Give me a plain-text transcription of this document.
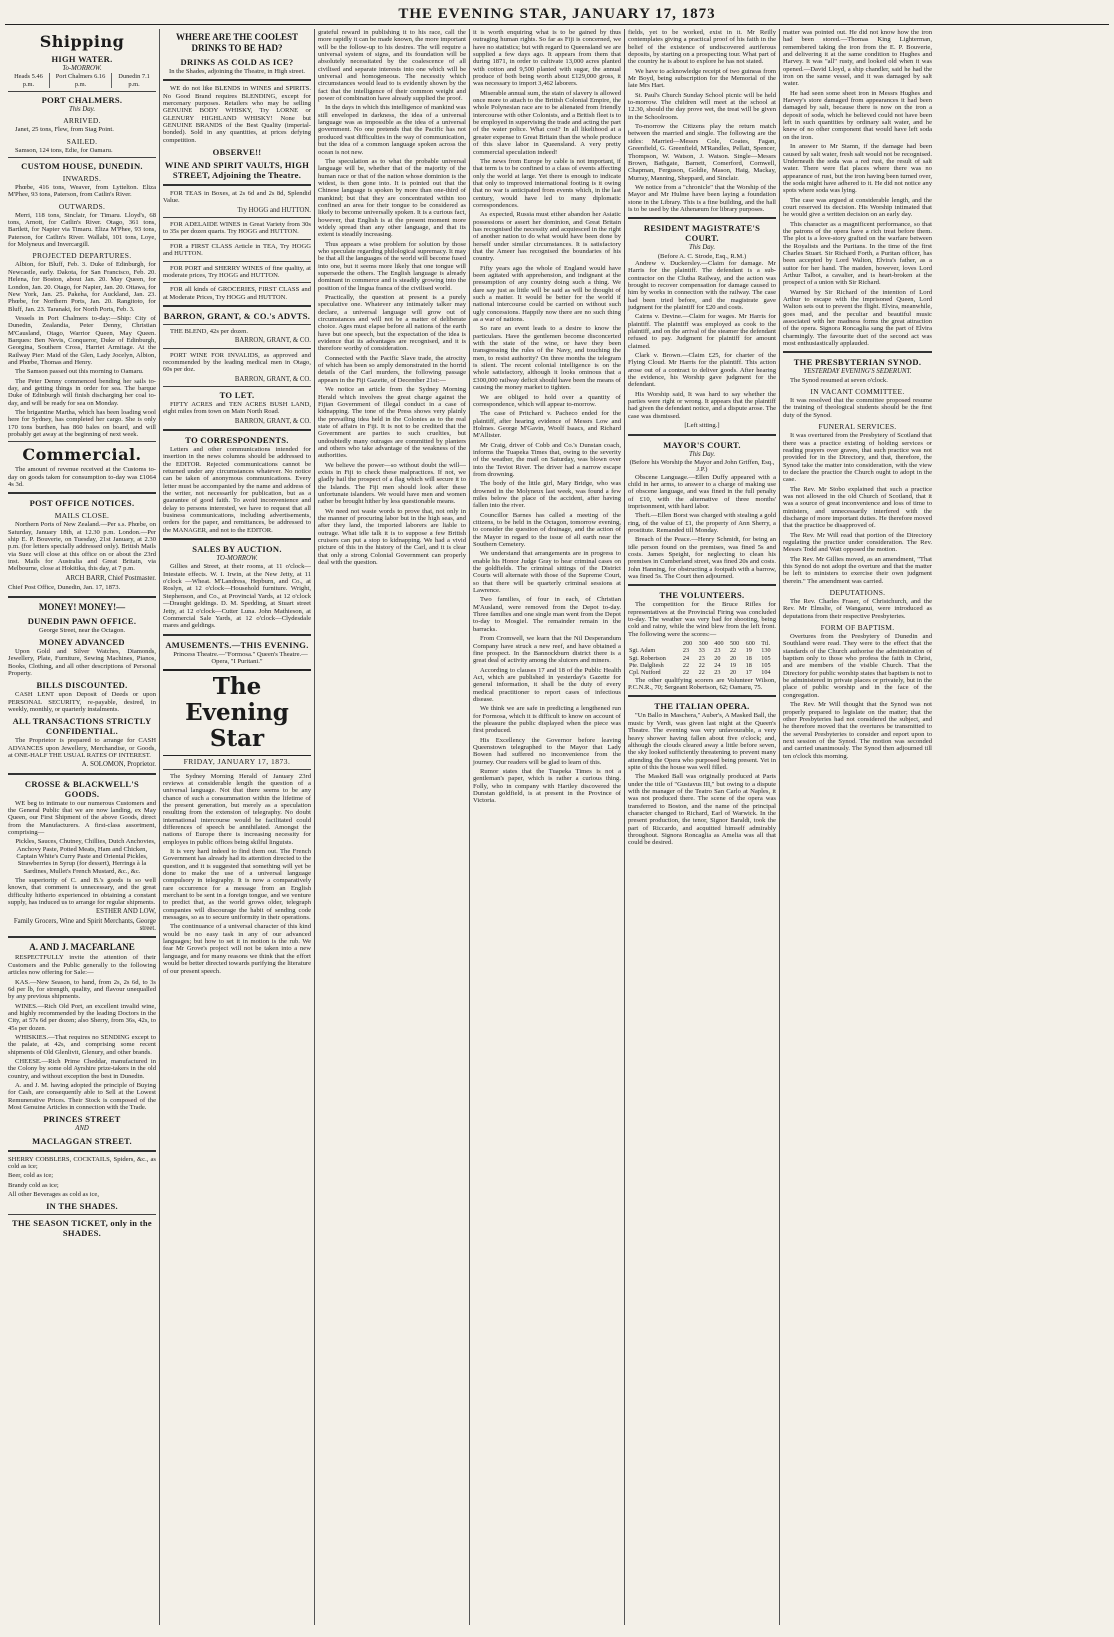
THE EVENING STAR, JANUARY 17, 1873
Shipping
HIGH WATER.
To-MORROW.
Heads 5.46 p.m.	Port Chalmers 6.16 p.m.	Dunedin 7.1 p.m.
PORT CHALMERS.
This Day.
ARRIVED.

Janet, 25 tons, Flew, from Stag Point.

SAILED.

Samson, 124 tons, Edie, for Oamaru.

CUSTOM HOUSE, DUNEDIN.
INWARDS.

Phœbe, 416 tons, Weaver, from Lyttelton. Eliza M'Phee, 93 tons, Paterson, from Catlin's River.

OUTWARDS.

Merri, 118 tons, Sinclair, for Timaru. Lloyd's, 68 tons, Arnott, for Catlin's River. Otago, 361 tons, Bartlett, for Napier via Timaru. Eliza M'Phee, 93 tons, Paterson, for Catlin's River. Wallabi, 101 tons, Loye, for Molyneux and Invercargill.

PROJECTED DEPARTURES.

Albion, for Bluff, Feb. 3. Duke of Edinburgh, for Newcastle, early. Dakota, for San Francisco, Feb. 20. Helena, for Boston, about Jan. 20. May Queen, for London, Jan. 20. Otago, for Napier, Jan. 20. Ottawa, for New York, Jan. 25. Pakeha, for Auckland, Jan. 23. Phœbe, for Northern Ports, Jan. 20. Rangitoto, for Bluff, Jan. 23. Taranaki, for North Ports, Feb. 3.

Vessels in Port Chalmers to-day:—Ship: City of Dunedin, Zealandia, Peter Denny, Christian M'Causland, Otago, Warrior Queen, May Queen. Barques: Ben Nevis, Conqueror, Duke of Edinburgh, Georgina, Southern Cross, Harriet Armitage. At the Railway Pier: Maid of the Glen, Lady Jocelyn, Albion, and Phœbe, Thomas and Henry.

The Samson passed out this morning to Oamaru.

The Peter Denny commenced bending her sails to-day, and getting things in order for sea. The barque Duke of Edinburgh will finish discharging her coal to-day, and will be ready for sea on Monday.

The brigantine Martha, which has been loading wool here for Sydney, has completed her cargo. She is only 170 tons burthen, has 860 bales on board, and will probably get away at the beginning of next week.

Commercial.

The amount of revenue received at the Customs to-day on goods taken for consumption to-day was £1064 4s 3d.

POST OFFICE NOTICES.
MAILS CLOSE.

Northern Ports of New Zealand.—Per s.s. Phœbe, on Saturday, January 18th, at 12.30 p.m. London.—Per ship E. P. Bouverie, on Tuesday, 21st January, at 2.30 p.m. (for letters specially addressed only). British Mails via Suez will close at this office on or about the 23rd inst. Mails for Australia and Great Britain, via Melbourne, close at Hokitika, this day, at 7 p.m.

ARCH BARR, Chief Postmaster.

Chief Post Office, Dunedin, Jan. 17, 1873.

MONEY! MONEY!—
DUNEDIN PAWN OFFICE.
George Street, near the Octagon.
MONEY ADVANCED

Upon Gold and Silver Watches, Diamonds, Jewellery, Plate, Furniture, Sewing Machines, Pianos, Books, Clothing, and all other descriptions of Personal Property.

BILLS DISCOUNTED.

CASH LENT upon Deposit of Deeds or upon PERSONAL SECURITY, re-payable, desired, in weekly, monthly, or quarterly instalments.

ALL TRANSACTIONS STRICTLY CONFIDENTIAL.

The Proprietor is prepared to arrange for CASH ADVANCES upon Jewellery, Merchandise, or Goods, at ONE-HALF THE USUAL RATES OF INTEREST.

A. SOLOMON, Proprietor.
CROSSE & BLACKWELL'S GOODS.

WE beg to intimate to our numerous Customers and the General Public that we are now landing, ex May Queen, our First Shipment of the above Goods, direct from the Manufacturers. A first-class assortment, comprising—

Pickles, Sauces, Chutney, Chillies, Dutch Anchovies, Anchovy Paste, Potted Meats, Ham and Chicken, Captain White's Curry Paste and Oriental Pickles, Strawberries in Syrup (for dessert), Herrings à la Sardines, Mullet's French Mustard, &c., &c.

The superiority of C. and B.'s goods is so well known, that comment is unnecessary, and the great difficulty hitherto experienced in obtaining a constant supply, has induced us to arrange for regular shipments.

ESTHER AND LOW,
Family Grocers, Wine and Spirit Merchants, George street.
A. AND J. MACFARLANE

RESPECTFULLY invite the attention of their Customers and the Public generally to the following articles now offering for Sale:—

KAS.—New Season, to hand, from 2s, 2s 6d, to 3s 6d per lb, for strength, quality, and flavour unequalled by any previous shipments.

WINES.—Rich Old Port, an excellent invalid wine, and highly recommended by the leading Doctors in the City, at 57s 6d per dozen; also Sherry, from 36s, 42s, to 45s per dozen.

WHISKIES.—That requires no SENDING except to the palate, at 42s, and comprising some recent shipments of Old Glenlivit, Glenury, and other brands.

CHEESE.—Rich Prime Cheddar, manufactured in the Colony by some old Ayrshire prize-takers in the old country, and without exception the best in Dunedin.

A. and J. M. having adopted the principle of Buying for Cash, are consequently able to Sell at the Lowest Remunerative Prices. Their Stock is composed of the Most Genuine Articles in connection with the Trade.

PRINCES STREET
AND
MACLAGGAN STREET.

SHERRY COBBLERS, COCKTAILS, Spiders, &c., as cold as ice;

Beer, cold as ice;

Brandy cold as ice;

All other Beverages as cold as ice,

IN THE SHADES.
THE SEASON TICKET, only in the SHADES.
WHERE ARE THE COOLEST DRINKS TO BE HAD?
DRINKS AS COLD AS ICE?

In the Shades, adjoining the Theatre, in High street.

WE do not like BLENDS in WINES and SPIRITS. No Good Brand requires BLENDING, except for mercenary purposes. Retailers who may be selling GENUINE BODY WHISKY, Try LORNE or GLENURY HIGHLAND WHISKY! None but GENUINE BRANDS of the Best Quality (imperial-bonded). Sold in any quantities, at prices defying competition.

OBSERVE!!
WINE AND SPIRIT VAULTS, HIGH STREET, Adjoining the Theatre.

FOR TEAS in Boxes, at 2s 6d and 2s 8d, Splendid Value.

Try HOGG and HUTTON.

FOR ADELAIDE WINES in Great Variety from 30s to 35s per dozen quarts. Try HOGG and HUTTON.

FOR a FIRST CLASS Article in TEA, Try HOGG and HUTTON.

FOR PORT and SHERRY WINES of fine quality, at moderate prices, Try HOGG and HUTTON.

FOR all kinds of GROCERIES, FIRST CLASS and at Moderate Prices, Try HOGG and HUTTON.

BARRON, GRANT, & CO.'s ADVTS.

THE BLEND, 42s per dozen.

BARRON, GRANT, & CO.

PORT WINE FOR INVALIDS, as approved and recommended by the leading medical men in Otago, 60s per doz.

BARRON, GRANT, & CO.
TO LET.

FIFTY ACRES and TEN ACRES BUSH LAND, eight miles from town on Main North Road.

BARRON, GRANT, & CO.
TO CORRESPONDENTS.

Letters and other communications intended for insertion in the news columns should be addressed to the EDITOR. Rejected communications cannot be returned under any circumstances whatever. No notice can be taken of anonymous communications. Every letter must be accompanied by the name and address of the writer, not necessarily for publication, but as a guarantee of good faith. To avoid inconvenience and delay to persons interested, we have to request that all business communications, including advertisements, orders for the paper, and remittances, be addressed to the MANAGER, and not to the EDITOR.

SALES BY AUCTION.
TO-MORROW.

Gillies and Street, at their rooms, at 11 o'clock—Intestate effects. W. I. Irwin, at the New Jetty, at 11 o'clock —Wheat. M'Landress, Hepburn, and Co., at Roslyn, at 12 o'clock—Household furniture. Wright, Stephenson, and Co., at Provincial Yards, at 12 o'clock—Draught geldings. D. M. Spedding, at Stuart street Jetty, at 12 o'clock—Cutter Luna. John Mathieson, at Commercial Sale Yards, at 12 o'clock—Clydesdale mares and geldings.

AMUSEMENTS.—THIS EVENING.

Princess Theatre.—"Formosa." Queen's Theatre.—Opera, "I Puritani."

The Evening Star
FRIDAY, JANUARY 17, 1873.

The Sydney Morning Herald of January 23rd reviews at considerable length the question of a universal language. Not that there seems to be any chance of such a consummation within the lifetime of the present generation, but merely as a speculation resulting from the extension of telegraphy. No doubt international intercourse would be facilitated could differences of speech be annihilated. Amongst the nations of Europe there is increasing necessity for employes in public offices being skilful linguists.

It is very hard indeed to find them out. The French Government has already had its attention directed to the question, and it is suggested that something will yet be done to make the use of a universal language compulsory in telegraphy. It is now a comparatively rare occurrence for a message from an English merchant to be sent in a foreign tongue, and we venture to predict that, as the world grows older, telegraph companies will discourage the habit of sending code messages, so as to secure uniformity in their operations.

The continuance of a universal character of this kind would be no easy task in any of our advanced languages; but how to set it in motion is the rub. We fear Mr Grove's project will not be taken into a new language, and for many reasons we think that the effort would be better directed towards purifying the literature of our present speech.

grateful reward in publishing it to his race, call the more rapidly it can be made known, the more important will be the follow-up to his desires. The will require a universal system of signs, and its foundation will be absolutely necessitated by the coalescence of all civilised and separate interests into one which will be universal and homogeneous. The necessity which circumstances would lead to is evidently shown by the fact that the intelligence of their common weight and power of combination have already supplied the proof.

In the days in which this intelligence of mankind was still enveloped in darkness, the idea of a universal language was as impossible as the idea of a universal government. No one pretends that the Pacific has not produced vast difficulties in the way of communication, but the idea of a common language spoken across the ocean is not new.

The speculation as to what the probable universal language will be, whether that of the majority of the human race or that of the nation whose dominion is the widest, is then gone into. It is pointed out that the Chinese language is spoken by more than one-third of mankind; but that they are concentrated within too confined an area for their tongue to be considered as likely to become universally spoken. It is a curious fact, however, that English is at the present moment more widely spread than any other language, and that its extent is steadily increasing.

Thus appears a wise problem for solution by those who speculate regarding philological supremacy. It may be that all the languages of the world will become fused into one, but it seems more likely that one tongue will supersede the others. The English language is already dominant in commerce and is steadily growing into the position of the lingua franca of the civilised world.

Practically, the question at present is a purely speculative one. Whatever any intimately talker may declare, a universal language will grow out of circumstances and will not be a matter of deliberate choice. Ages must elapse before all nations of the earth have but one speech, but the expectation of the idea is evidence that its advantages are recognised, and it is therefore worthy of consideration.

Connected with the Pacific Slave trade, the atrocity of which has been so amply demonstrated in the horrid details of the Carl murders, the following passage appears in the Fiji Gazette, of December 21st:—

We notice an article from the Sydney Morning Herald which involves the great charge against the Fijian Government of illegal conduct in a case of kidnapping. The tone of the Press shows very plainly the prevailing idea held in the Colonies as to the real state of affairs in Fiji. It is not to be credited that the Government are parties to such cruelties, but undoubtedly many outrages are committed by planters and others who take advantage of the weakness of the authorities.

We believe the power—so without doubt the will—exists in Fiji to check these malpractices. If not, we gladly hail the prospect of a flag which will secure it to the Islands. The Fiji men should look after these unfortunate islanders. We would have men and women rather be brought hither by less questionable means.

We need not waste words to prove that, not only in the manner of procuring labor but in the high seas, and after they land, the imported laborers are liable to outrage. What idle talk it is to suppose a few British cruisers can put a stop to kidnapping. We had a vivid picture of this in the history of the Carl, and it is clear that only a strong Colonial Government can properly deal with the question.

it is worth enquiring what is to be gained by thus outraging human rights. So far as Fiji is concerned, we have no statistics; but with regard to Queensland we are supplied a few days ago. It appears from them that during 1871, in order to cultivate 13,000 acres planted with cotton and 9,500 planted with sugar, the annual produce of both being worth about £129,000 gross, it was necessary to import 3,462 laborers.

Miserable annual sum, the stain of slavery is allowed once more to attach to the British Colonial Empire, the whole Polynesian race are to be alienated from friendly intercourse with other Colonists, and a British fleet is to be employed in supervising the trade and acting the part of the water police. What cost? In all likelihood at a greater expense to Great Britain than the whole produce of this slave labor in Queensland. A very pretty commercial speculation indeed!

The news from Europe by cable is not important, if that term is to be confined to a class of events affecting only the world at large. Yet there is enough to indicate that only to improved international footing is it owing that no war is anticipated from events which, in the last century, would have led to many diplomatic correspondences.

As expected, Russia must either abandon her Asiatic possessions or assert her dominion, and Great Britain has recognised the necessity and acquiesced in the right of another nation to do what would have been done by herself under similar circumstances. It is satisfactory that the Ameer has recognised the boundaries of his country.

Fifty years ago the whole of England would have been agitated with apprehension, and indignant at the presumption of any country doing such a thing. We dare say just as little will be said as will be thought of such a matter. It would be better for the world if national intercourse could be carried on without such ugly concessions. Happily now there are no such thing as a war of nations.

So rare an event leads to a desire to know the particulars. Have the gentlemen become disconcerted with the state of the wine, or have they been transgressing the rules of the Navy, and touching the men, to resist authority? On three months the telegram is silent. The recent colonial intelligence is on the whole satisfactory, although it looks ominous that a £300,000 railway deficit should have been the means of causing the money market to tighten.

We are obliged to hold over a quantity of correspondence, which will appear to-morrow.

The case of Pritchard v. Pacheco ended for the plaintiff, after hearing evidence of Messrs Low and Holmes. George M'Gavin, Woolf Isaacs, and Richard M'Allister.

Mr Craig, driver of Cobb and Co.'s Dunstan coach, informs the Tuapeka Times that, owing to the severity of the weather, the mail on Saturday, was blown over into the Teviot River. The driver had a narrow escape from drowning.

The body of the little girl, Mary Bridge, who was drowned in the Molyneux last week, was found a few miles below the place of the accident, after having fallen into the river.

Councillor Barnes has called a meeting of the citizens, to be held in the Octagon, tomorrow evening, to consider the question of drainage, and the action of the Mayor in regard to the issue of all earth near the Southern Cemetery.

We understand that arrangements are in progress to enable his Honor Judge Gray to hear criminal cases on the goldfields. The criminal sittings of the District Courts will alternate with those of the Supreme Court, so that there will be quarterly criminal sessions at Lawrence.

Two families, of four in each, of Christian M'Ausland, were removed from the Depot to-day. Three families and one single man went from the Depot to-day to Mosgiel. The remainder remain in the barracks.

From Cromwell, we learn that the Nil Desperandum Company have struck a new reef, and have obtained a fine prospect. In the Bannockburn district there is a great deal of activity among the sluicers and miners.

According to clauses 17 and 18 of the Public Health Act, which are published in yesterday's Gazette for general information, it shall be the duty of every medical practitioner to report cases of infectious disease.

We think we are safe in predicting a lengthened run for Formosa, which it is difficult to know on account of the pleasure the public displayed when the piece was first produced.

His Excellency the Governor before leaving Queenstown telegraphed to the Mayor that Lady Bowen had suffered no inconvenience from the journey. Our readers will be glad to learn of this.

Rumor states that the Tuapeka Times is not a gentleman's paper, which is rather a curious thing. Folly, who in company with Hartley discovered the Dunstan goldfield, is at present in the Province of Victoria.

fields, yet to be worked, exist in it. Mr Reilly contemplates giving a practical proof of his faith in the belief of the existence of undiscovered auriferous deposits, by starting on a prospecting tour. What part of the country he is about to explore he has not stated.

We have to acknowledge receipt of two guineas from Mr Boyd, being subscription for the Memorial of the late Mrs Hart.

St. Paul's Church Sunday School picnic will be held to-morrow. The children will meet at the school at 12.30, should the day prove wet, the treat will be given in the Schoolroom.

To-morrow the Citizens play the return match between the married and single. The following are the sides: Married—Messrs Cole, Coates, Fagan, Greenfield, G. Greenfield, M'Randles, Pellatt, Spencer, Thompson, W. Watson, J. Watson. Single—Messrs Brown, Bathgate, Barnett, Comerford, Cornwell, Chapman, Ferguson, Goldie, Mason, Haig, Mackay, Murray, Manning, Sheppard, and Sinclair.

We notice from a "chronicle" that the Worship of the Mayor and Mr Hulme have been laying a foundation stone in the Library. This is a fine building, and the hall is to be used by the Athenæum for library purposes.

RESIDENT MAGISTRATE'S COURT.
This Day.
(Before A. C. Strode, Esq., R.M.)

Andrew v. Duckersley.—Claim for damage. Mr Harris for the plaintiff. The defendant is a sub-contractor on the Clutha Railway, and the action was brought to recover compensation for damage caused to him by works in connection with the railway. The case had been tried before, and the magistrate gave judgment for the plaintiff for £20 and costs.

Cairns v. Devine.—Claim for wages. Mr Harris for plaintiff. The plaintiff was employed as cook to the plaintiff, and on the arrival of the steamer the defendant refused to pay. Judgment for plaintiff for amount claimed.

Clark v. Brown.—Claim £25, for charter of the Flying Cloud. Mr Harris for the plaintiff. This action arose out of a contract to deliver goods. After hearing the evidence, his Worship gave judgment for the defendant.

His Worship said, It was hard to say whether the parties were right or wrong. It appears that the plaintiff had given the defendant notice, and a dispute arose. The case was dismissed.

[Left sitting.]
MAYOR'S COURT.
This Day.
(Before his Worship the Mayor and John Griffen, Esq., J.P.)

Obscene Language.—Ellen Duffy appeared with a child in her arms, to answer to a charge of making use of obscene language, and was fined in the full penalty of £10, with the alternative of three months' imprisonment, with hard labor.

Theft.—Ellen Borst was charged with stealing a gold ring, of the value of £1, the property of Ann Sherry, a prostitute. Remanded till Monday.

Breach of the Peace.—Henry Schmidt, for being an idle person found on the premises, was fined 5s and costs. James Speight, for neglecting to clean his premises in Cumberland street, was fined 20s and costs. John Hanning, for obstructing a footpath with a barrow, was fined 5s. The Court then adjourned.

THE VOLUNTEERS.

The competition for the Bruce Rifles for representatives at the Provincial Firing was concluded to-day. The weather was very bad for shooting, being cold and rainy, while the wind blew from the left front. The following were the scores:—

	200	300	400	500	600	Ttl.
Sgt. Adam	23	33	23	22	19	130
Sgt. Robertson	24	23	20	20	18	105
Pte. Dalgliesh	22	22	24	19	18	105
Cpl. Nutford	22	22	23	20	17	104

The other qualifying scorers are Volunteer Wilson, P.C.N.R., 70; Sergeant Robertson, 62; Oamaru, 75.

THE ITALIAN OPERA.

"Un Ballo in Maschera," Auber's, A Masked Ball, the music by Verdi, was given last night at the Queen's Theatre. The evening was very unfavourable, a very heavy shower having fallen about five o'clock; and, although the clouds cleared away a little before seven, the sky looked sufficiently threatening to prevent many attending the Opera who purposed being present. Yet in spite of this the house was well filled.

The Masked Ball was originally produced at Paris under the title of "Gustavus III," but owing to a dispute with the manager of the Teatro San Carlo at Naples, it was not produced there. The scene of the opera was transferred to Boston, and the name of the principal character changed to Richard, Earl of Warwick. In the present production, the tenor, Signor Baraldi, took the part of Riccardo, and acquitted himself admirably throughout. Signora Roncaglia as Amelia was all that could be desired.

matter was pointed out. He did not know how the iron had been stored.—Thomas King Lighterman, remembered taking the iron from the E. P. Bouverie, and delivering it at the same condition to Hughes and Harvey. It was "all" rusty, and looked old when it was opened.—David Lloyd, a ship chandler, said he had the iron on the same vessel, and it was damaged by salt water.

He had seen some sheet iron in Messrs Hughes and Harvey's store damaged from appearances it had been damaged by salt, because there is now on the iron a deposit of soda, which he believed could not have been left in such quantities by ordinary salt water, and he knew of no other component that would have left soda on the iron.

In answer to Mr Stamn, if the damage had been caused by salt water, fresh salt would not be recognised. Underneath the soda was a red rust, the result of salt water. There were flat places where there was no appearance of rust, but the iron having been turned over, the soda might have adhered to it. He did not notice any spots where soda was lying.

The case was argued at considerable length, and the court reserved its decision. His Worship intimated that he would give a written decision on an early day.

This character as a magnificent performance, so that the patrons of the opera have a rich treat before them. The plot is a love-story grafted on the warfare between the Royalists and the Puritans. In the time of the first Charles Stuart. Sir Richard Forth, a Puritan officer, has been accepted by Lord Walton, Elvira's father, as a suitor for her hand. The maiden, however, loves Lord Arthur Talbot, a cavalier, and is heart-broken at the prospect of a union with Sir Richard.

Warned by Sir Richard of the intention of Lord Arthur to escape with the imprisoned Queen, Lord Walton sets out to prevent the flight. Elvira, meanwhile, goes mad, and the peculiar and beautiful music associated with her madness forms the great attraction of the opera. Signora Roncaglia sang the part of Elvira charmingly. The favourite duet of the second act was most enthusiastically applauded.

THE PRESBYTERIAN SYNOD.
YESTERDAY EVENING'S SEDERUNT.

The Synod resumed at seven o'clock.

IN VACANT COMMITTEE.

It was resolved that the committee proposed resume the training of theological students should be the first duty of the Synod.

FUNERAL SERVICES.

It was overtured from the Presbytery of Scotland that there was a practice existing of holding services or reading prayers over graves, that such practice was not provided for in the Directory, and that, therefore, the Synod take the matter into consideration, with the view to declare the practice the Church ought to adopt in the case.

The Rev. Mr Stobo explained that such a practice was not allowed in the old Church of Scotland, that it was a source of great inconvenience and loss of time to ministers, and unnecessarily interfered with the discharge of more important duties. He therefore moved that the practice be disapproved of.

The Rev. Mr Will read that portion of the Directory regulating the practice under consideration. The Rev. Messrs Todd and Watt opposed the motion.

The Rev. Mr Gillies moved, as an amendment, "That this Synod do not adopt the overture and that the matter be left to ministers to exercise their own judgment therein." The amendment was carried.

DEPUTATIONS.

The Rev. Charles Fraser, of Christchurch, and the Rev. Mr Elmslie, of Wanganui, were introduced as deputations from their respective Presbyteries.

FORM OF BAPTISM.

Overtures from the Presbytery of Dunedin and Southland were read. They were to the effect that the standards of the Church authorise the administration of baptism only to those who profess the faith in Christ, and are members of the visible Church. That the Directory for public worship states that baptism is not to be administered in private places or privately, but in the place of public worship and in the face of the congregation.

The Rev. Mr Will thought that the Synod was not properly prepared to legislate on the matter; that the other Presbyteries had not considered the subject, and he therefore moved that the overtures be transmitted to the several Presbyteries to consider and report upon to next session of the Synod. The motion was seconded and carried unanimously. The Synod then adjourned till ten o'clock this morning.
